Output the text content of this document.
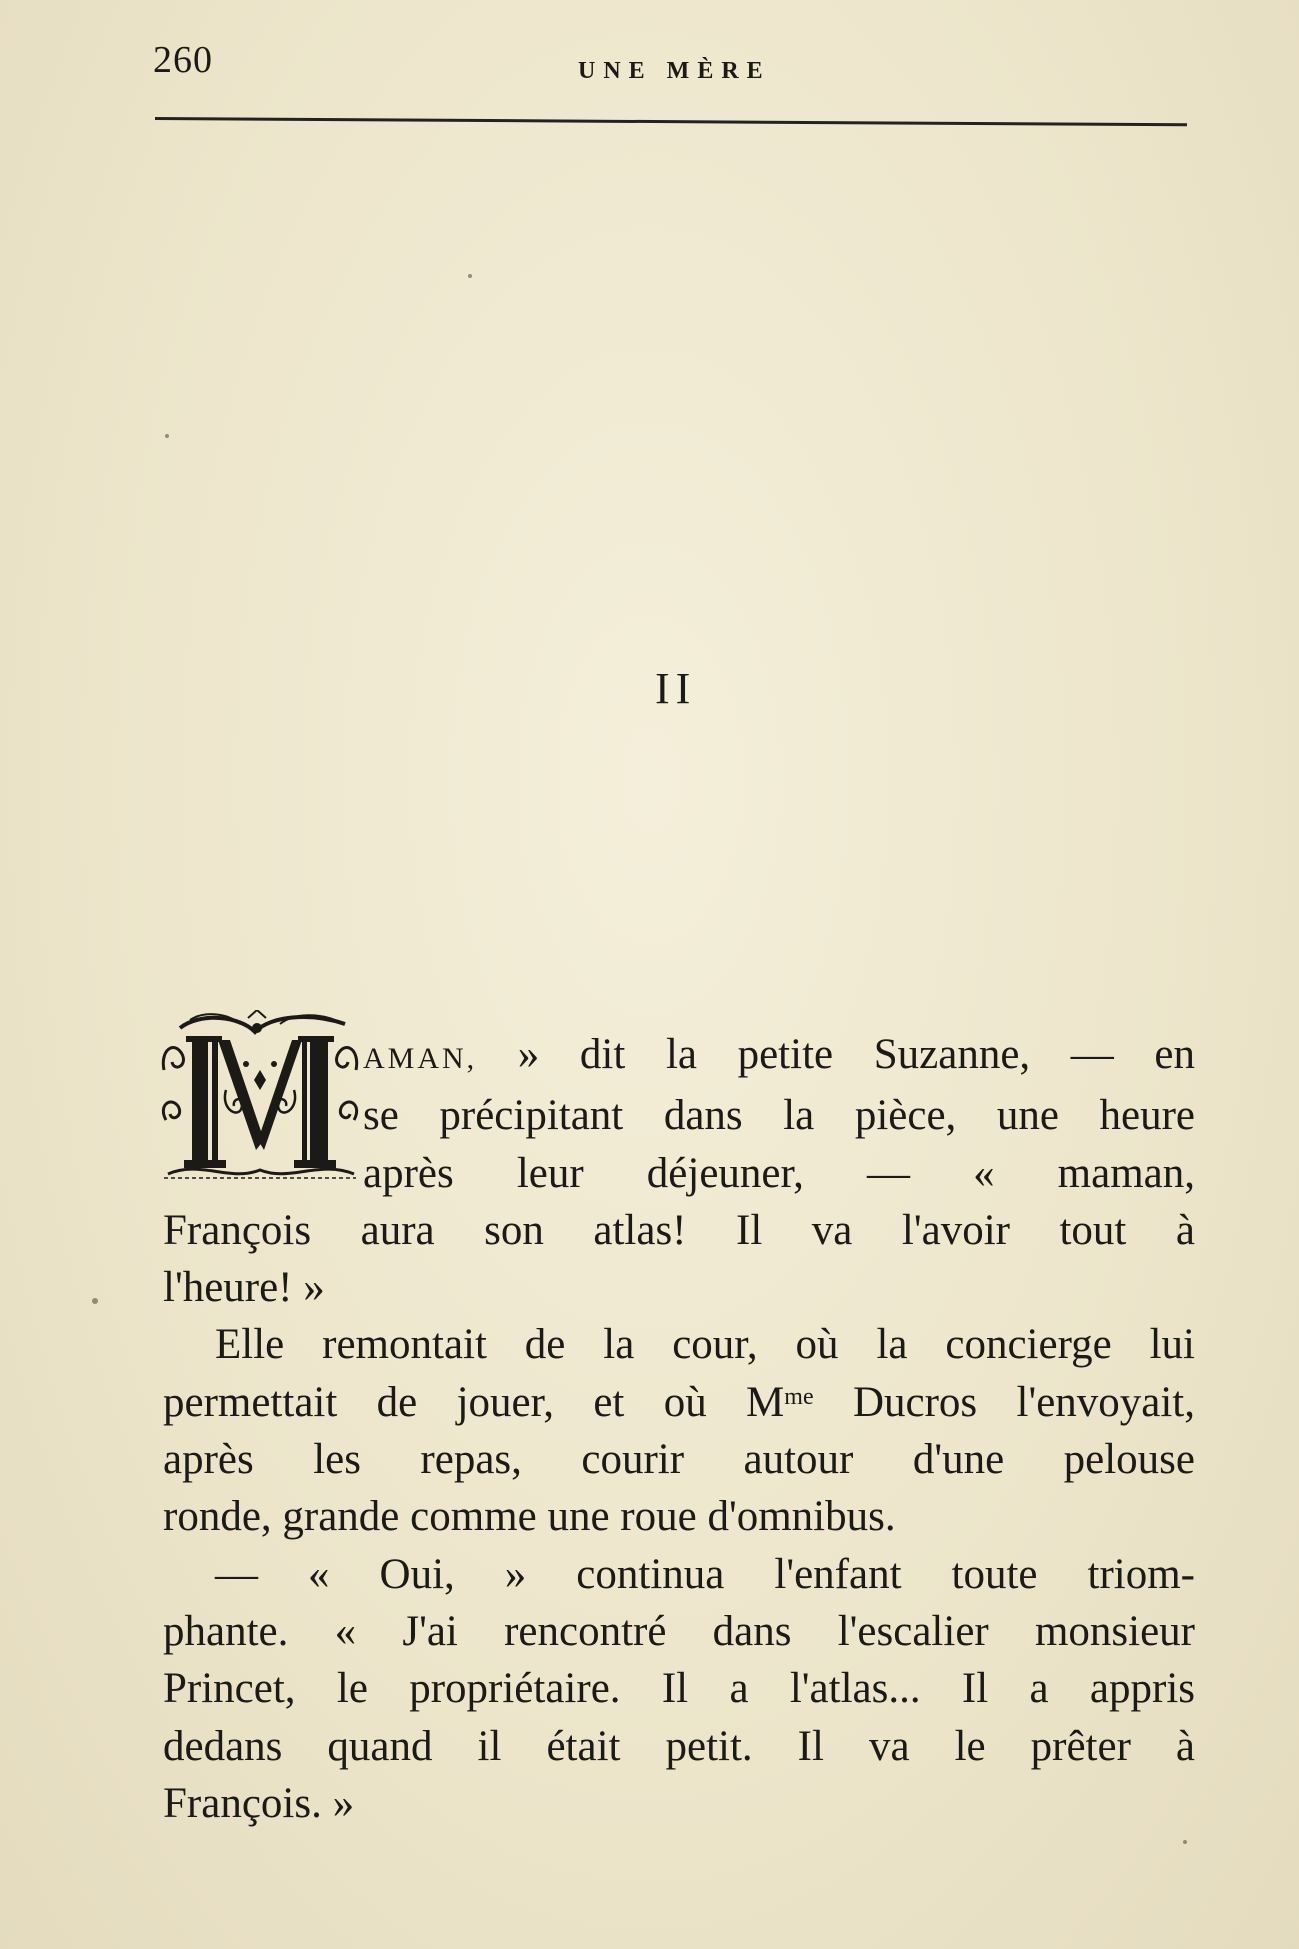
260	UNE MÈRE
II
AMAN, » dit la petite Suzanne, — en
se précipitant dans la pièce, une heure
après leur déjeuner, — « maman,
François aura son atlas! Il va l'avoir tout à
l'heure! »
Elle remontait de la cour, où la concierge lui
permettait de jouer, et où $M^{me}$ Ducros l'envoyait,
après les repas, courir autour d'une pelouse
ronde, grande comme une roue d'omnibus.
— « Oui, » continua l'enfant toute triom-
phante. « J'ai rencontré dans l'escalier monsieur
Princet, le propriétaire. Il a l'atlas... Il a appris
dedans quand il était petit. Il va le prêter à
François. »
